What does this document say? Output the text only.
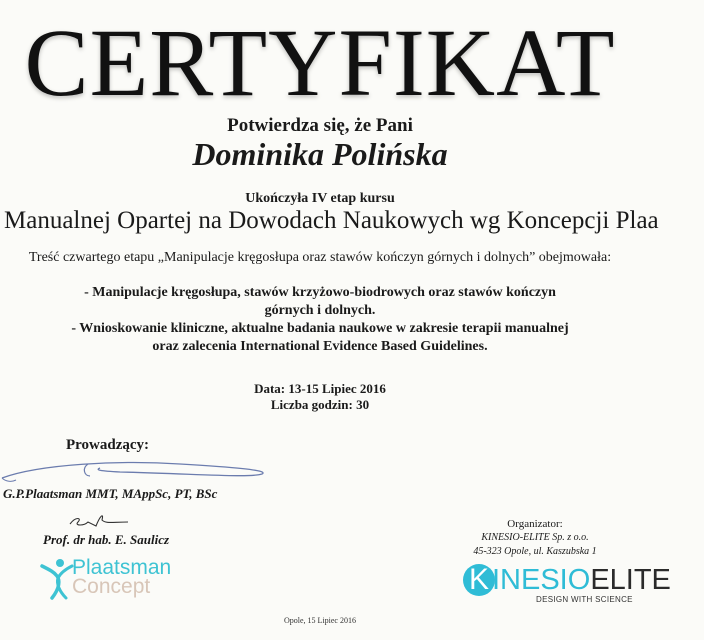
CERTYFIKAT
Potwierdza się, że Pani
Dominika Polińska
Ukończyła IV etap kursu
Manualnej Opartej na Dowodach Naukowych wg Koncepcji Plaa
Treść czwartego etapu „Manipulacje kręgosłupa oraz stawów kończyn górnych i dolnych” obejmowała:
- Manipulacje kręgosłupa, stawów krzyżowo-biodrowych oraz stawów kończyn
górnych i dolnych.
- Wnioskowanie kliniczne, aktualne badania naukowe w zakresie terapii manualnej
oraz zalecenia International Evidence Based Guidelines.
Data: 13-15 Lipiec 2016
Liczba godzin: 30
Prowadzący:
G.P.Plaatsman MMT, MAppSc, PT, BSc
Prof. dr hab. E. Saulicz
Plaatsman
Concept
Organizator:
KINESIO-ELITE Sp. z o.o.
45-323 Opole, ul. Kaszubska 1
K INESIOELITE
DESIGN WITH SCIENCE
Opole, 15 Lipiec 2016
